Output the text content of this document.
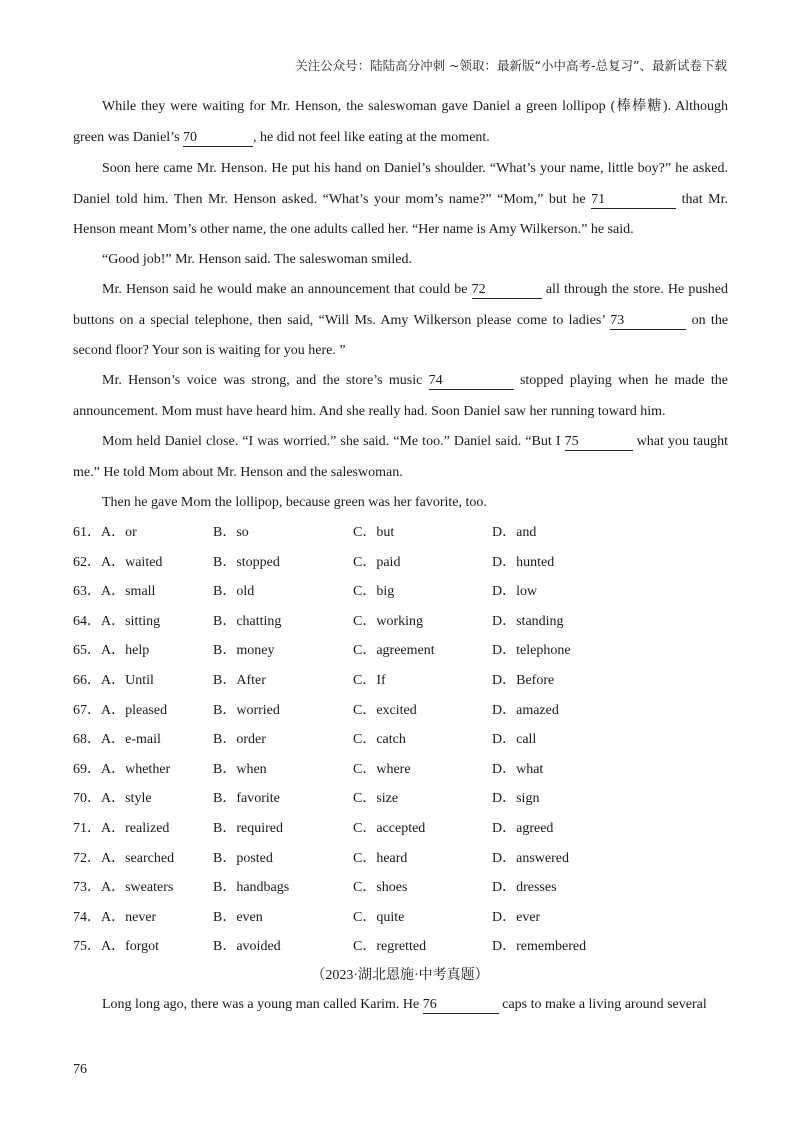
关注公众号：陆陆高分冲刺 ~领取：最新版“小中高考-总复习”、最新试卷下载
While they were waiting for Mr. Henson, the saleswoman gave Daniel a green lollipop (棒棒糖). Although green was Daniel’s 70	, he did not feel like eating at the moment.
Soon here came Mr. Henson. He put his hand on Daniel’s shoulder. “What’s your name, little boy?” he asked. Daniel told him. Then Mr. Henson asked. “What’s your mom’s name?” “Mom,” but he 71	that Mr. Henson meant Mom’s other name, the one adults called her. “Her name is Amy Wilkerson.” he said.
“Good job!” Mr. Henson said. The saleswoman smiled.
Mr. Henson said he would make an announcement that could be 72	all through the store. He pushed buttons on a special telephone, then said, “Will Ms. Amy Wilkerson please come to ladies’ 73	on the second floor? Your son is waiting for you here. ”
Mr. Henson’s voice was strong, and the store’s music 74	stopped playing when he made the announcement. Mom must have heard him. And she really had. Soon Daniel saw her running toward him.
Mom held Daniel close. “I was worried.” she said. “Me too.” Daniel said. “But I 75	what you taught me.” He told Mom about Mr. Henson and the saleswoman.
Then he gave Mom the lollipop, because green was her favorite, too.
61．A．or	B．so	C．but	D．and
62．A．waited	B．stopped	C．paid	D．hunted
63．A．small	B．old	C．big	D．low
64．A．sitting	B．chatting	C．working	D．standing
65．A．help	B．money	C．agreement	D．telephone
66．A．Until	B．After	C．If	D．Before
67．A．pleased	B．worried	C．excited	D．amazed
68．A．e-mail	B．order	C．catch	D．call
69．A．whether	B．when	C．where	D．what
70．A．style	B．favorite	C．size	D．sign
71．A．realized	B．required	C．accepted	D．agreed
72．A．searched	B．posted	C．heard	D．answered
73．A．sweaters	B．handbags	C．shoes	D．dresses
74．A．never	B．even	C．quite	D．ever
75．A．forgot	B．avoided	C．regretted	D．remembered
（2023·湖北恩施·中考真题）
Long long ago, there was a young man called Karim. He 76	caps to make a living around several
76
